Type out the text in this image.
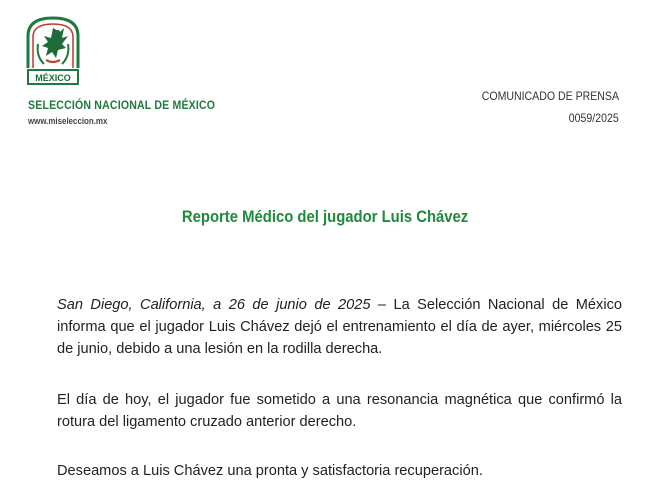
MÉXICO
SELECCIÓN NACIONAL DE MÉXICO
www.miseleccion.mx
COMUNICADO DE PRENSA
0059/2025
Reporte Médico del jugador Luis Chávez

San Diego, California, a 26 de junio de 2025 – La Selección Nacional de México informa que el jugador Luis Chávez dejó el entrenamiento el día de ayer, miércoles 25 de junio, debido a una lesión en la rodilla derecha.

El día de hoy, el jugador fue sometido a una resonancia magnética que confirmó la rotura del ligamento cruzado anterior derecho.

Deseamos a Luis Chávez una pronta y satisfactoria recuperación.
